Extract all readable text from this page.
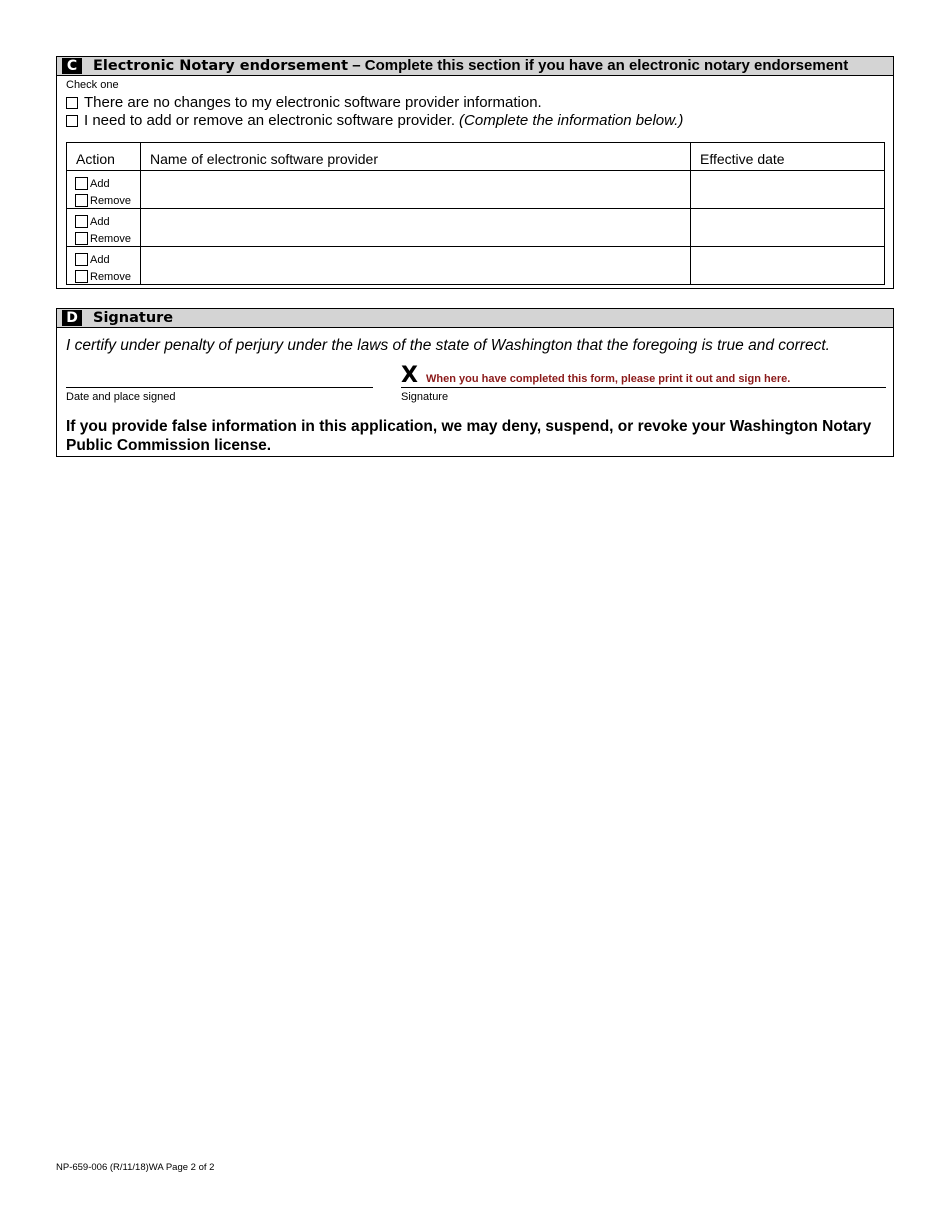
C	Electronic Notary endorsement – Complete this section if you have an electronic notary endorsement
Check one
There are no changes to my electronic software provider information.
I need to add or remove an electronic software provider. (Complete the information below.)
Action	Name of electronic software provider	Effective date

Add
Remove		

Add
Remove		

Add
Remove		

D Signature
I certify under penalty of perjury under the laws of the state of Washington that the foregoing is true and correct.
Date and place signed
X When you have completed this form, please print it out and sign here.
Signature
If you provide false information in this application, we may deny, suspend, or revoke your Washington Notary Public Commission license.
NP-659-006 (R/11/18)WA Page 2 of 2
